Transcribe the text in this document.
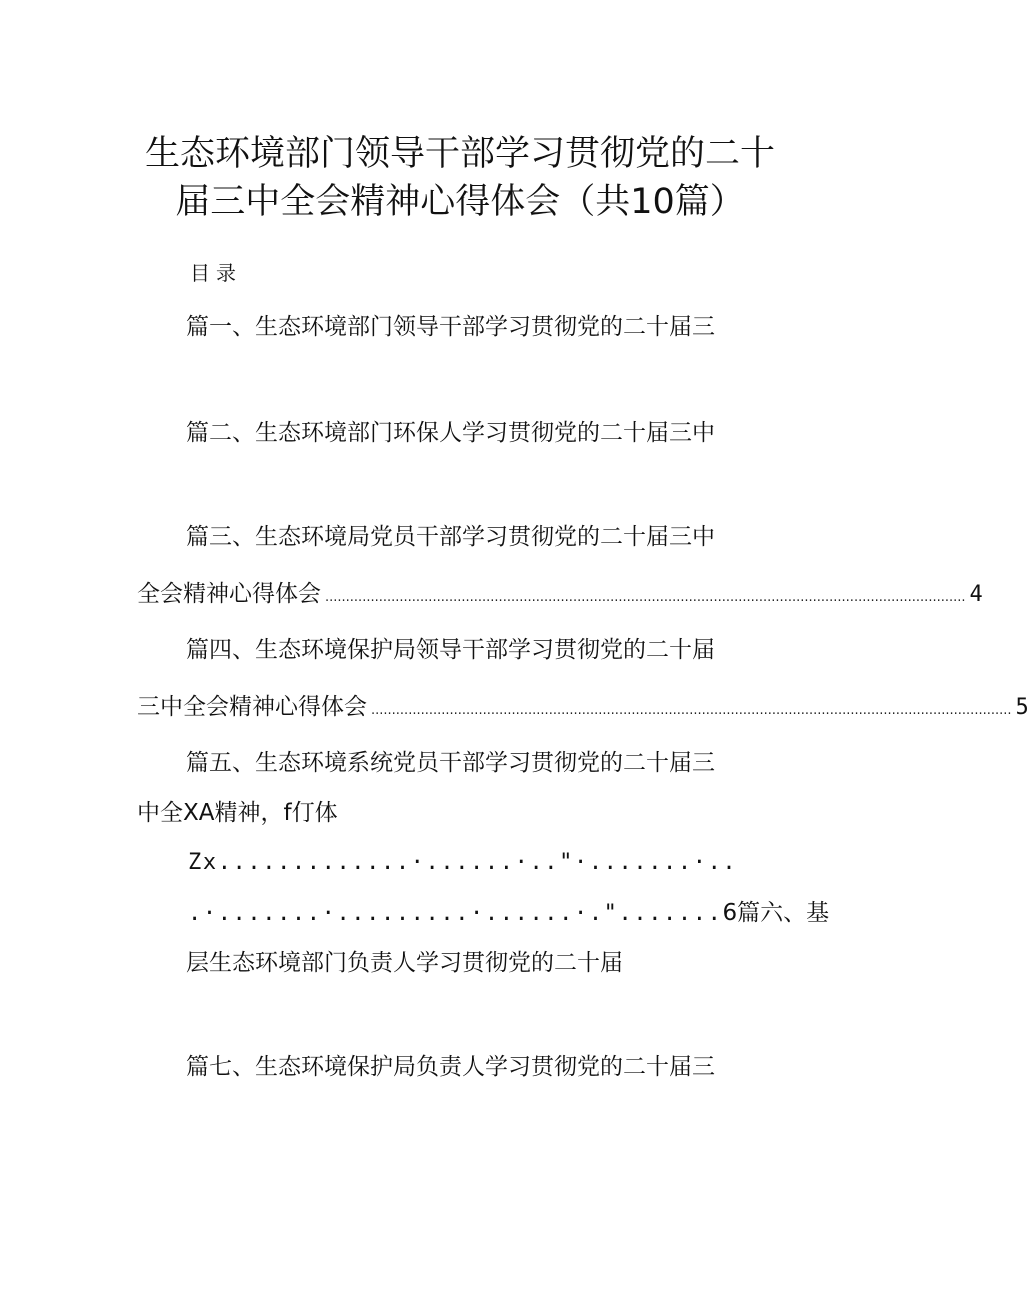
生态环境部门领导干部学习贯彻党的二十
届三中全会精神心得体会（共10篇）
目录
篇一、生态环境部门领导干部学习贯彻党的二十届三
篇二、生态环境部门环保人学习贯彻党的二十届三中
篇三、生态环境局党员干部学习贯彻党的二十届三中
全会精神心得体会 ........................................................................................................................................................... 4
篇四、生态环境保护局领导干部学习贯彻党的二十届
三中全会精神心得体会 ........................................................................................................................................................... 5
篇五、生态环境系统党员干部学习贯彻党的二十届三
中全XA精神，f仃体
Zx.............·......·.."·.......·..
.·.......·.........·......·.".......6篇六、基
层生态环境部门负责人学习贯彻党的二十届
篇七、生态环境保护局负责人学习贯彻党的二十届三
